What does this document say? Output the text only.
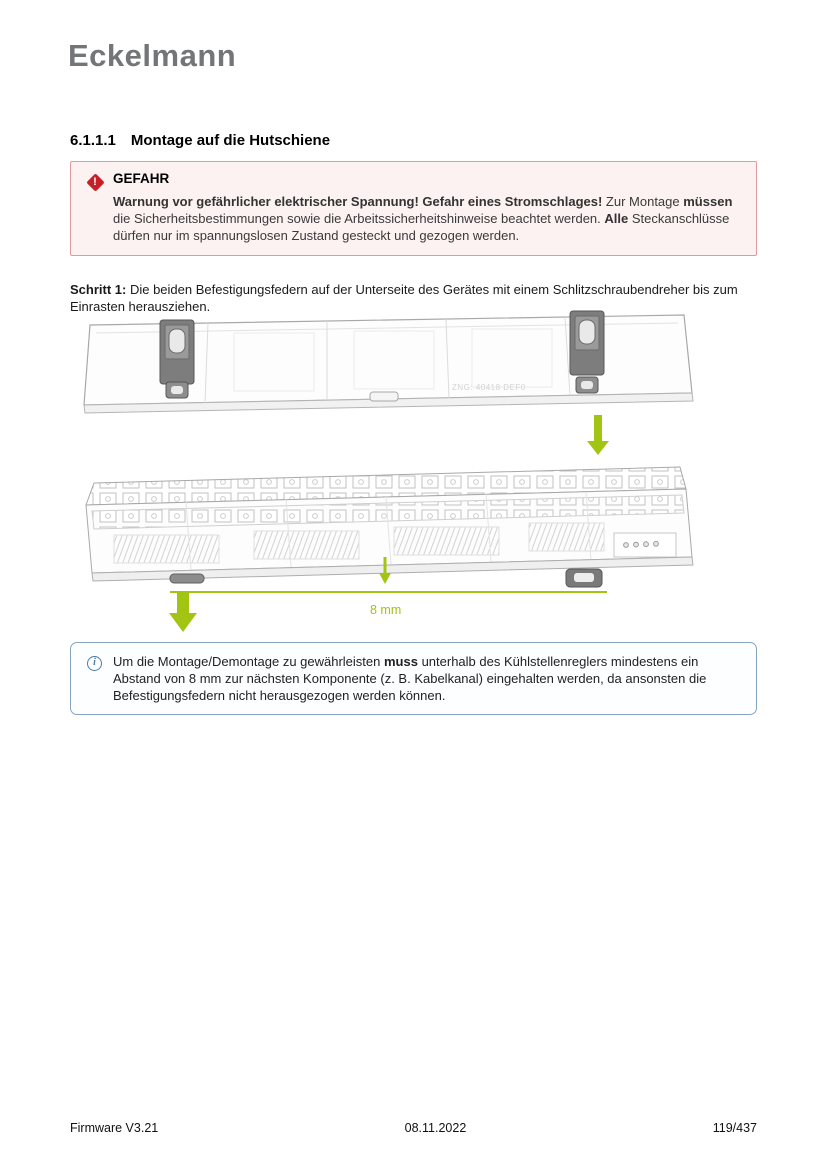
Eckelmann
6.1.1.1 Montage auf die Hutschiene
!	GEFAHR

Warnung vor gefährlicher elektrischer Spannung! Gefahr eines Stromschlages! Zur Montage müssen die Sicherheitsbestimmungen sowie die Arbeitssicherheitshinweise beachtet werden. Alle Steckanschlüsse dürfen nur im spannungslosen Zustand gesteckt und gezogen werden.

Schritt 1: Die beiden Befestigungsfedern auf der Unterseite des Gerätes mit einem Schlitzschraubendreher bis zum Einrasten herausziehen.

ZNG: 40418 DEF0
8 mm
i	Um die Montage/Demontage zu gewährleisten muss unterhalb des Kühlstellenreglers mindestens ein Abstand von 8 mm zur nächsten Komponente (z. B. Kabelkanal) eingehalten werden, da ansonsten die Befestigungsfedern nicht herausgezogen werden können.

Firmware V3.21	08.11.2022	119/437
